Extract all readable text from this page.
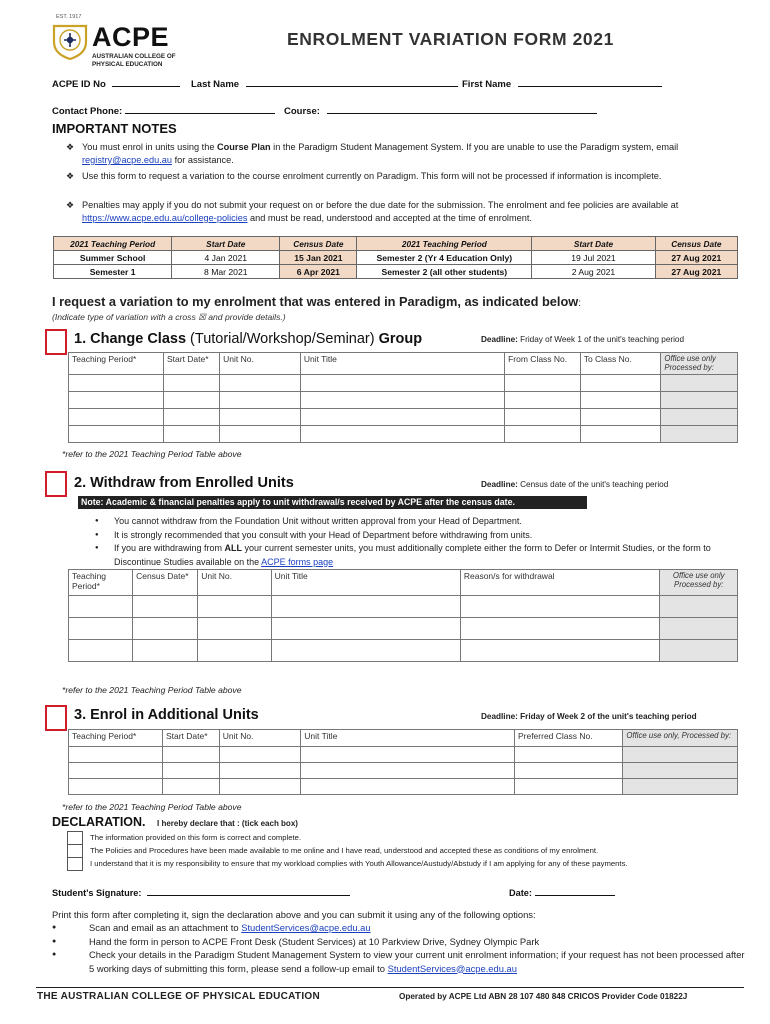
EST. 1917
ACPE
AUSTRALIAN COLLEGE OF
PHYSICAL EDUCATION
ENROLMENT VARIATION FORM 2021
ACPE ID No	Last Name	First Name
Contact Phone:	Course:
IMPORTANT NOTES
❖ You must enrol in units using the Course Plan in the Paradigm Student Management System. If you are unable to use the Paradigm system, email registry@acpe.edu.au for assistance.
❖ Use this form to request a variation to the course enrolment currently on Paradigm. This form will not be processed if information is incomplete.
❖ Penalties may apply if you do not submit your request on or before the due date for the submission. The enrolment and fee policies are available at https://www.acpe.edu.au/college-policies and must be read, understood and accepted at the time of enrolment.
2021 Teaching Period	Start Date	Census Date	2021 Teaching Period	Start Date	Census Date
Summer School	4 Jan 2021	15 Jan 2021	Semester 2 (Yr 4 Education Only)	19 Jul 2021	27 Aug 2021
Semester 1	8 Mar 2021	6 Apr 2021	Semester 2 (all other students)	2 Aug 2021	27 Aug 2021
I request a variation to my enrolment that was entered in Paradigm, as indicated below:
(Indicate type of variation with a cross ☒ and provide details.)
1. Change Class (Tutorial/Workshop/Seminar) Group	Deadline: Friday of Week 1 of the unit's teaching period
Teaching Period*	Start Date*	Unit No.	Unit Title	From Class No.	To Class No.	Office use only
Processed by:

*refer to the 2021 Teaching Period Table above
2. Withdraw from Enrolled Units	Deadline: Census date of the unit's teaching period
Note: Academic & financial penalties apply to unit withdrawal/s received by ACPE after the census date.
● You cannot withdraw from the Foundation Unit without written approval from your Head of Department.
● It is strongly recommended that you consult with your Head of Department before withdrawing from units.
● If you are withdrawing from ALL your current semester units, you must additionally complete either the form to Defer or Intermit Studies, or the form to Discontinue Studies available on the ACPE forms page
Teaching Period*	Census Date*	Unit No.	Unit Title	Reason/s for withdrawal	Office use only
Processed by:

*refer to the 2021 Teaching Period Table above
3. Enrol in Additional Units	Deadline: Friday of Week 2 of the unit's teaching period
Teaching Period*	Start Date*	Unit No.	Unit Title	Preferred Class No.	Office use only, Processed by:

*refer to the 2021 Teaching Period Table above
DECLARATION. I hereby declare that : (tick each box)
The information provided on this form is correct and complete.
The Policies and Procedures have been made available to me online and I have read, understood and accepted these as conditions of my enrolment.
I understand that it is my responsibility to ensure that my workload complies with Youth Allowance/Austudy/Abstudy if I am applying for any of these payments.
Student's Signature:	Date:
Print this form after completing it, sign the declaration above and you can submit it using any of the following options:
● Scan and email as an attachment to StudentServices@acpe.edu.au
● Hand the form in person to ACPE Front Desk (Student Services) at 10 Parkview Drive, Sydney Olympic Park
● Check your details in the Paradigm Student Management System to view your current unit enrolment information; if your request has not been processed after 5 working days of submitting this form, please send a follow-up email to StudentServices@acpe.edu.au
THE AUSTRALIAN COLLEGE OF PHYSICAL EDUCATION	Operated by ACPE Ltd ABN 28 107 480 848 CRICOS Provider Code 01822J
